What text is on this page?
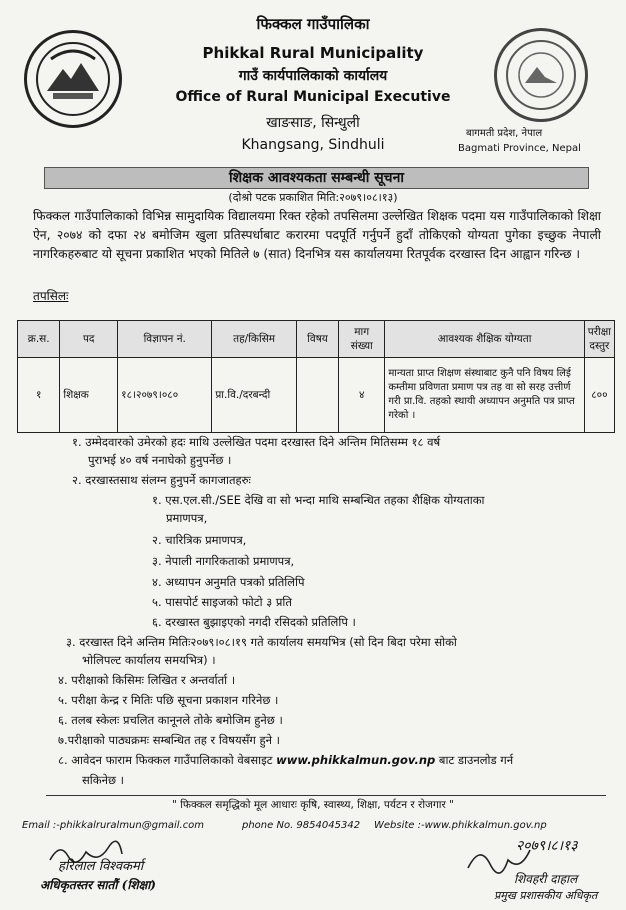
फिक्कल गाउँपालिका
Phikkal Rural Municipality
गाउँ कार्यपालिकाको कार्यालय
Office of Rural Municipal Executive
खाङसाङ, सिन्धुली
Khangsang, Sindhuli
बागमती प्रदेश, नेपाल
Bagmati Province, Nepal
शिक्षक आवश्यकता सम्बन्धी सूचना
(दोश्रो पटक प्रकाशित मिति:२०७९।०८।१३)
फिक्कल गाउँपालिकाको विभिन्न सामुदायिक विद्यालयमा रिक्त रहेको तपसिलमा उल्लेखित शिक्षक पदमा यस गाउँपालिकाको शिक्षा ऐन, २०७४ को दफा २४ बमोजिम खुला प्रतिस्पर्धाबाट करारमा पदपूर्ति गर्नुपर्ने हुदाँ तोकिएको योग्यता पुगेका इच्छुक नेपाली नागरिकहरुबाट यो सूचना प्रकाशित भएको मितिले ७ (सात) दिनभित्र यस कार्यालयमा रितपूर्वक दरखास्त दिन आह्वान गरिन्छ ।
तपसिलः
क्र.स.	पद	विज्ञापन नं.	तह/किसिम	विषय	माग संख्या	आवश्यक शैक्षिक योग्यता	परीक्षा दस्तुर
१	शिक्षक	१८।२०७९।०८०	प्रा.वि./दरबन्दी		४	मान्यता प्राप्त शिक्षण संस्थाबाट कुनै पनि विषय लिई कम्तीमा प्रविणता प्रमाण पत्र तह वा सो सरह उत्तीर्ण गरी प्रा.वि. तहको स्थायी अध्यापन अनुमति पत्र प्राप्त गरेको ।	८००
१. उम्मेदवारको उमेरको हदः माथि उल्लेखित पदमा दरखास्त दिने अन्तिम मितिसम्म १८ वर्ष
पुराभई ४० वर्ष ननाघेको हुनुपर्नेछ ।
२. दरखास्तसाथ संलग्न हुनुपर्ने कागजातहरुः
१. एस.एल.सी./SEE देखि वा सो भन्दा माथि सम्बन्धित तहका शैक्षिक योग्यताका
प्रमाणपत्र,
२. चारित्रिक प्रमाणपत्र,
३. नेपाली नागरिकताको प्रमाणपत्र,
४. अध्यापन अनुमति पत्रको प्रतिलिपि
५. पासपोर्ट साइजको फोटो ३ प्रति
६. दरखास्त बुझाइएको नगदी रसिदको प्रतिलिपि ।
३. दरखास्त दिने अन्तिम मितिः२०७९।०८।१९ गते कार्यालय समयभित्र (सो दिन बिदा परेमा सोको
भोलिपल्ट कार्यालय समयभित्र) ।
४. परीक्षाको किसिमः लिखित र अन्तर्वार्ता ।
५. परीक्षा केन्द्र र मितिः पछि सूचना प्रकाशन गरिनेछ ।
६. तलब स्केलः प्रचलित कानूनले तोके बमोजिम हुनेछ ।
७.परीक्षाको पाठ्यक्रमः सम्बन्धित तह र विषयसँग हुने ।
८. आवेदन फाराम फिक्कल गाउँपालिकाको वेबसाइट www.phikkalmun.gov.np बाट डाउनलोड गर्न
सकिनेछ ।
" फिक्कल समृद्धिको मूल आधारः कृषि, स्वास्थ्य, शिक्षा, पर्यटन र रोजगार "
Email :-phikkalruralmun@gmail.com	phone No. 9854045342 Website :-www.phikkalmun.gov.np
हरिलाल विश्वकर्मा
अधिकृतस्तर सातौं (शिक्षा)
२०७९।८।१३
शिवहरी दाहाल
प्रमुख प्रशासकीय अधिकृत
